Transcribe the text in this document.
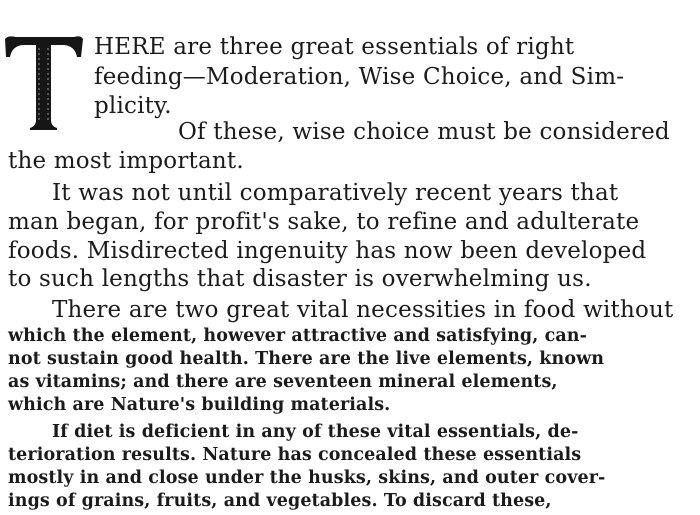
HERE are three great essentials of right
feeding—Moderation, Wise Choice, and Sim-
plicity.
Of these, wise choice must be considered
the most important.
It was not until comparatively recent years that
man began, for profit's sake, to refine and adulterate
foods. Misdirected ingenuity has now been developed
to such lengths that disaster is overwhelming us.
There are two great vital necessities in food without
which the element, however attractive and satisfying, can-
not sustain good health. There are the live elements, known
as vitamins; and there are seventeen mineral elements,
which are Nature's building materials.
If diet is deficient in any of these vital essentials, de-
terioration results. Nature has concealed these essentials
mostly in and close under the husks, skins, and outer cover-
ings of grains, fruits, and vegetables. To discard these,
